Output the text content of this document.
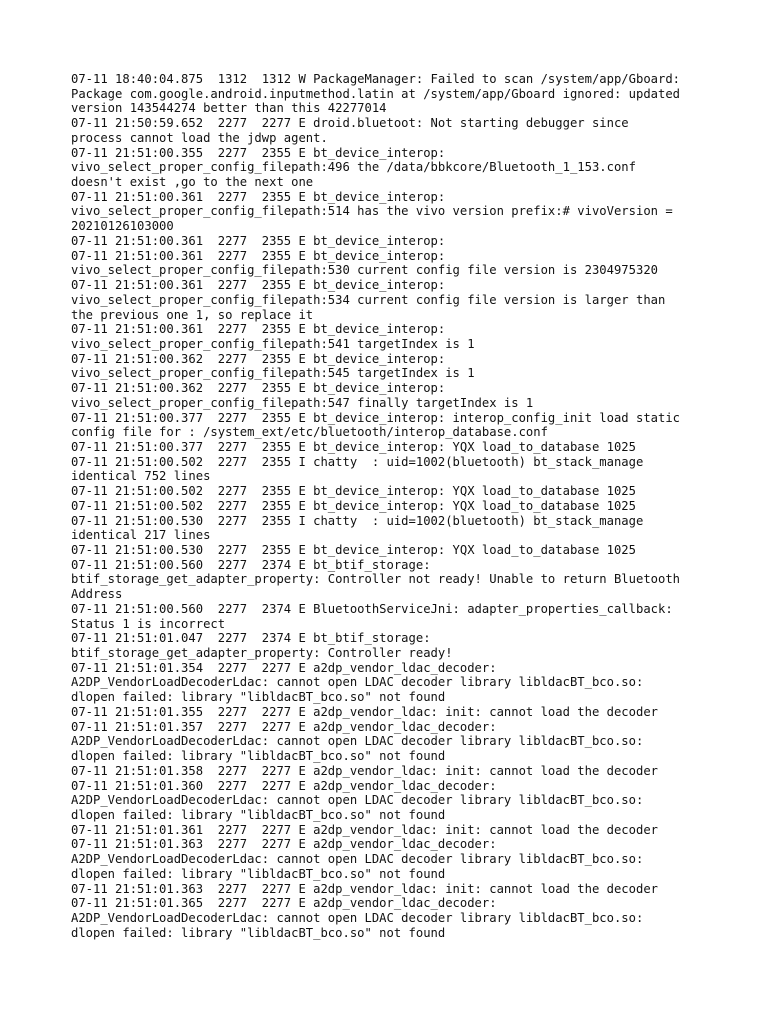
07-11 18:40:04.875  1312  1312 W PackageManager: Failed to scan /system/app/Gboard:
Package com.google.android.inputmethod.latin at /system/app/Gboard ignored: updated
version 143544274 better than this 42277014
07-11 21:50:59.652  2277  2277 E droid.bluetoot: Not starting debugger since
process cannot load the jdwp agent.
07-11 21:51:00.355  2277  2355 E bt_device_interop:
vivo_select_proper_config_filepath:496 the /data/bbkcore/Bluetooth_1_153.conf
doesn't exist ,go to the next one
07-11 21:51:00.361  2277  2355 E bt_device_interop:
vivo_select_proper_config_filepath:514 has the vivo version prefix:# vivoVersion =
20210126103000
07-11 21:51:00.361  2277  2355 E bt_device_interop:
07-11 21:51:00.361  2277  2355 E bt_device_interop:
vivo_select_proper_config_filepath:530 current config file version is 2304975320
07-11 21:51:00.361  2277  2355 E bt_device_interop:
vivo_select_proper_config_filepath:534 current config file version is larger than
the previous one 1, so replace it
07-11 21:51:00.361  2277  2355 E bt_device_interop:
vivo_select_proper_config_filepath:541 targetIndex is 1
07-11 21:51:00.362  2277  2355 E bt_device_interop:
vivo_select_proper_config_filepath:545 targetIndex is 1
07-11 21:51:00.362  2277  2355 E bt_device_interop:
vivo_select_proper_config_filepath:547 finally targetIndex is 1
07-11 21:51:00.377  2277  2355 E bt_device_interop: interop_config_init load static
config file for : /system_ext/etc/bluetooth/interop_database.conf
07-11 21:51:00.377  2277  2355 E bt_device_interop: YQX load_to_database 1025
07-11 21:51:00.502  2277  2355 I chatty  : uid=1002(bluetooth) bt_stack_manage
identical 752 lines
07-11 21:51:00.502  2277  2355 E bt_device_interop: YQX load_to_database 1025
07-11 21:51:00.502  2277  2355 E bt_device_interop: YQX load_to_database 1025
07-11 21:51:00.530  2277  2355 I chatty  : uid=1002(bluetooth) bt_stack_manage
identical 217 lines
07-11 21:51:00.530  2277  2355 E bt_device_interop: YQX load_to_database 1025
07-11 21:51:00.560  2277  2374 E bt_btif_storage:
btif_storage_get_adapter_property: Controller not ready! Unable to return Bluetooth
Address
07-11 21:51:00.560  2277  2374 E BluetoothServiceJni: adapter_properties_callback:
Status 1 is incorrect
07-11 21:51:01.047  2277  2374 E bt_btif_storage:
btif_storage_get_adapter_property: Controller ready!
07-11 21:51:01.354  2277  2277 E a2dp_vendor_ldac_decoder:
A2DP_VendorLoadDecoderLdac: cannot open LDAC decoder library libldacBT_bco.so:
dlopen failed: library "libldacBT_bco.so" not found
07-11 21:51:01.355  2277  2277 E a2dp_vendor_ldac: init: cannot load the decoder
07-11 21:51:01.357  2277  2277 E a2dp_vendor_ldac_decoder:
A2DP_VendorLoadDecoderLdac: cannot open LDAC decoder library libldacBT_bco.so:
dlopen failed: library "libldacBT_bco.so" not found
07-11 21:51:01.358  2277  2277 E a2dp_vendor_ldac: init: cannot load the decoder
07-11 21:51:01.360  2277  2277 E a2dp_vendor_ldac_decoder:
A2DP_VendorLoadDecoderLdac: cannot open LDAC decoder library libldacBT_bco.so:
dlopen failed: library "libldacBT_bco.so" not found
07-11 21:51:01.361  2277  2277 E a2dp_vendor_ldac: init: cannot load the decoder
07-11 21:51:01.363  2277  2277 E a2dp_vendor_ldac_decoder:
A2DP_VendorLoadDecoderLdac: cannot open LDAC decoder library libldacBT_bco.so:
dlopen failed: library "libldacBT_bco.so" not found
07-11 21:51:01.363  2277  2277 E a2dp_vendor_ldac: init: cannot load the decoder
07-11 21:51:01.365  2277  2277 E a2dp_vendor_ldac_decoder:
A2DP_VendorLoadDecoderLdac: cannot open LDAC decoder library libldacBT_bco.so:
dlopen failed: library "libldacBT_bco.so" not found
